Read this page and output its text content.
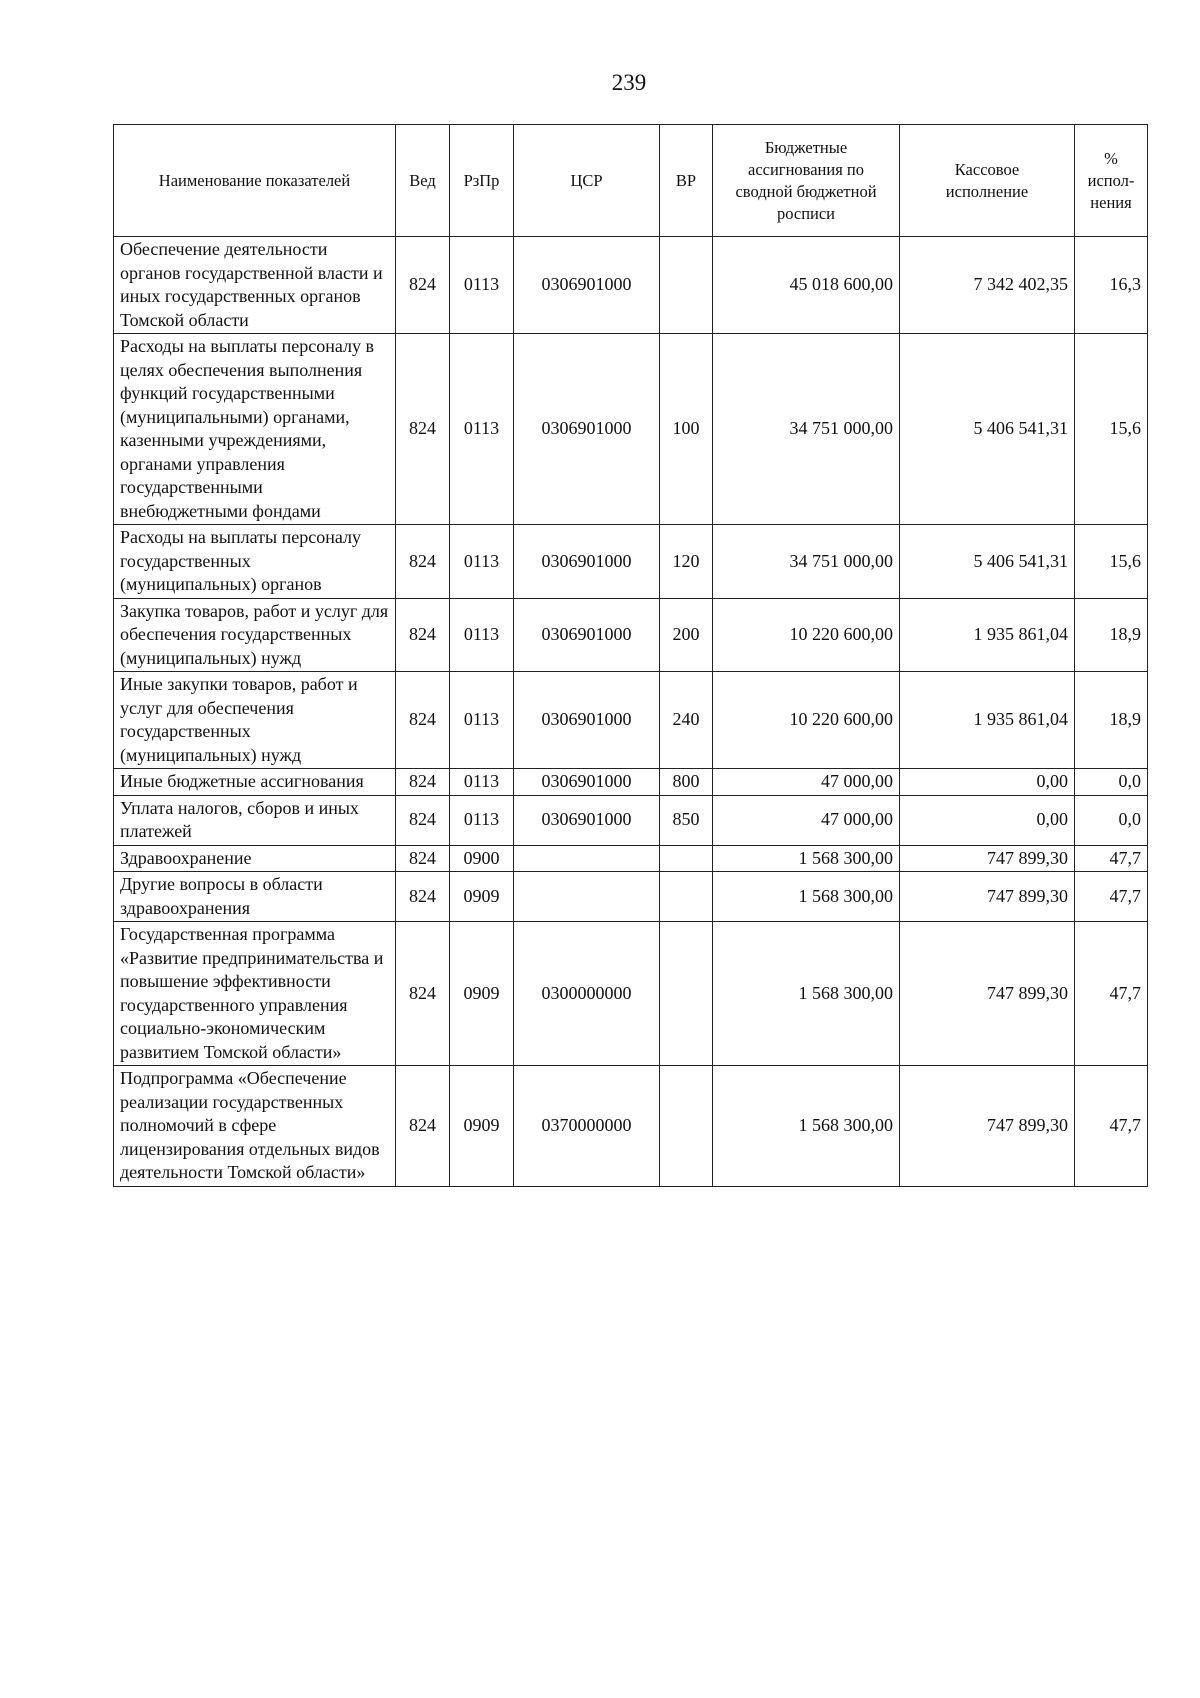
239
Наименование показателей	Вед	РзПр	ЦСР	ВР	Бюджетные ассигнования по сводной бюджетной росписи	Кассовое исполнение	% испол-нения
Обеспечение деятельности органов государственной власти и иных государственных органов Томской области	824	0113	0306901000		45 018 600,00	7 342 402,35	16,3
Расходы на выплаты персоналу в целях обеспечения выполнения функций государственными (муниципальными) органами, казенными учреждениями, органами управления государственными внебюджетными фондами	824	0113	0306901000	100	34 751 000,00	5 406 541,31	15,6
Расходы на выплаты персоналу государственных (муниципальных) органов	824	0113	0306901000	120	34 751 000,00	5 406 541,31	15,6
Закупка товаров, работ и услуг для обеспечения государственных (муниципальных) нужд	824	0113	0306901000	200	10 220 600,00	1 935 861,04	18,9
Иные закупки товаров, работ и услуг для обеспечения государственных (муниципальных) нужд	824	0113	0306901000	240	10 220 600,00	1 935 861,04	18,9
Иные бюджетные ассигнования	824	0113	0306901000	800	47 000,00	0,00	0,0
Уплата налогов, сборов и иных платежей	824	0113	0306901000	850	47 000,00	0,00	0,0
Здравоохранение	824	0900			1 568 300,00	747 899,30	47,7
Другие вопросы в области здравоохранения	824	0909			1 568 300,00	747 899,30	47,7
Государственная программа «Развитие предпринимательства и повышение эффективности государственного управления социально-экономическим развитием Томской области»	824	0909	0300000000		1 568 300,00	747 899,30	47,7
Подпрограмма «Обеспечение реализации государственных полномочий в сфере лицензирования отдельных видов деятельности Томской области»	824	0909	0370000000		1 568 300,00	747 899,30	47,7
